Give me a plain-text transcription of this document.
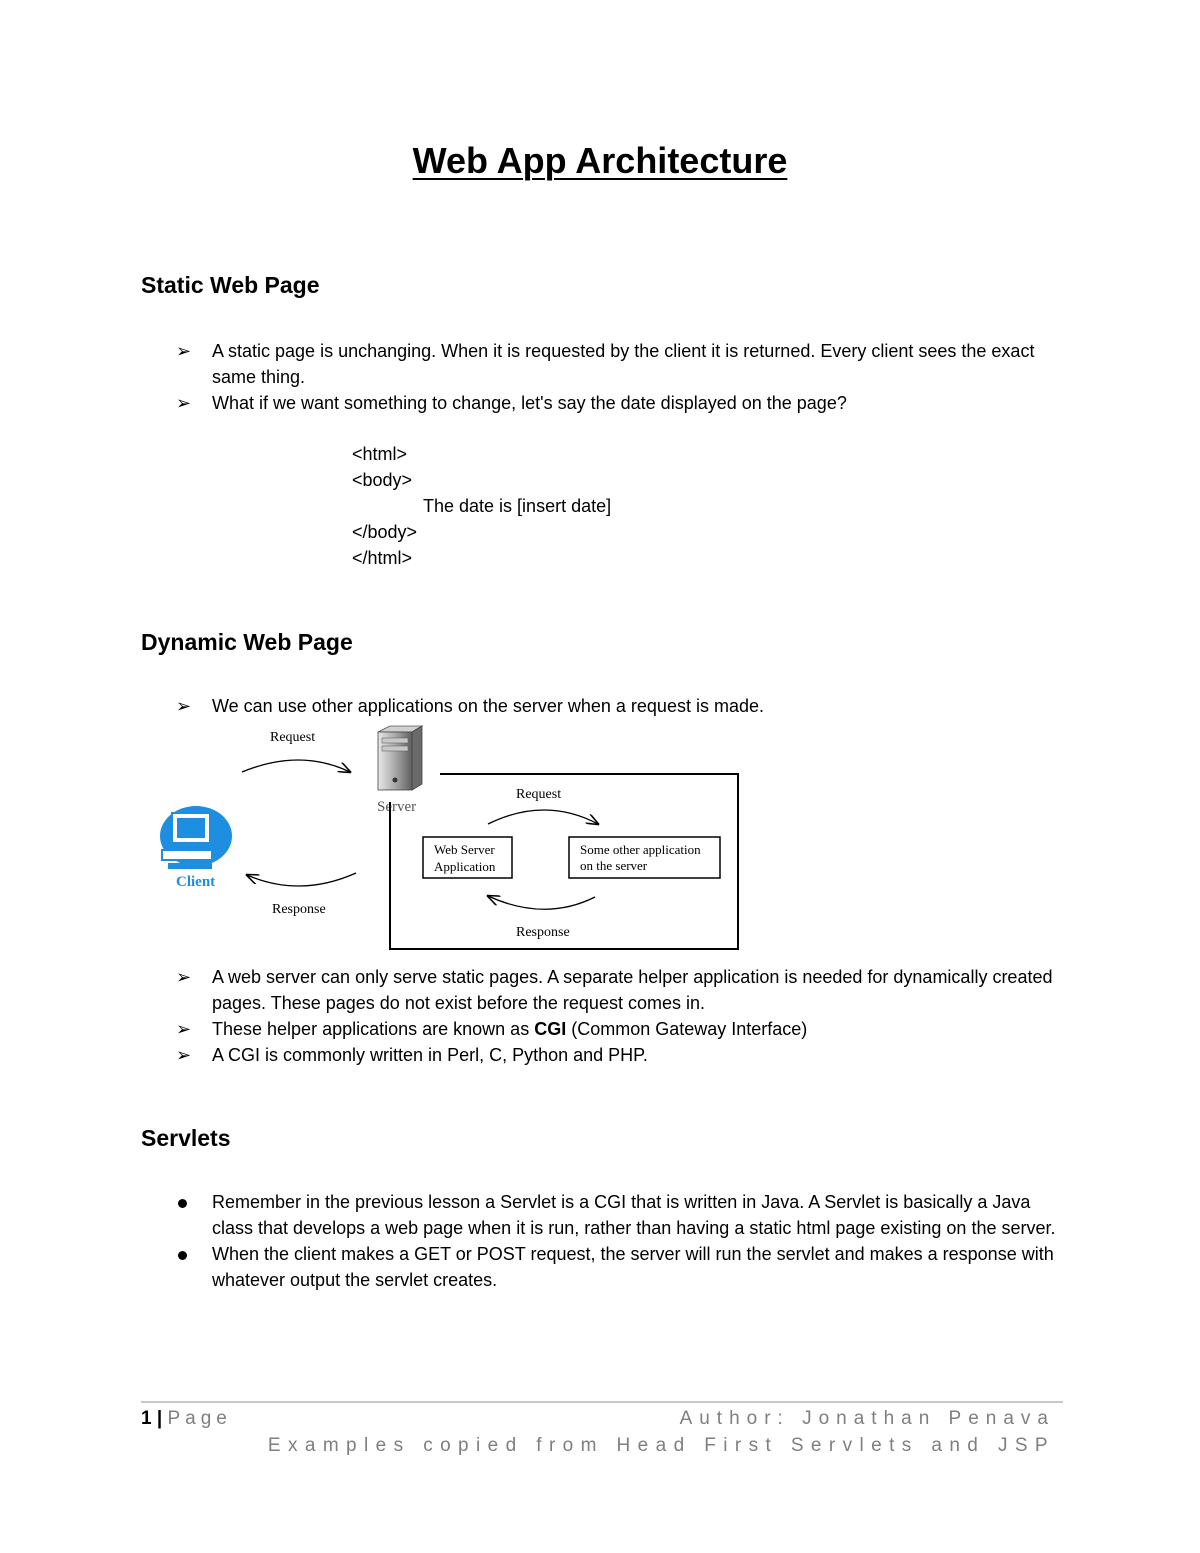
Web App Architecture
Static Web Page
➢	A static page is unchanging. When it is requested by the client it is returned. Every client sees the exact same thing.
➢	What if we want something to change, let's say the date displayed on the page?
<html>
<body>
The date is [insert date]
</body>
</html>
Dynamic Web Page
➢	We can use other applications on the server when a request is made.
Request
Response
Server
Client
Request
Web Server
Application
Some other application
on the server
Response
➢	A web server can only serve static pages. A separate helper application is needed for dynamically created pages. These pages do not exist before the request comes in.
➢	These helper applications are known as CGI (Common Gateway Interface)
➢	A CGI is commonly written in Perl, C, Python and PHP.
Servlets
Remember in the previous lesson a Servlet is a CGI that is written in Java. A Servlet is basically a Java class that develops a web page when it is run, rather than having a static html page existing on the server.
When the client makes a GET or POST request, the server will run the servlet and makes a response with whatever output the servlet creates.
1 | Page	Author: Jonathan Penava
Examples copied from Head First Servlets and JSP
